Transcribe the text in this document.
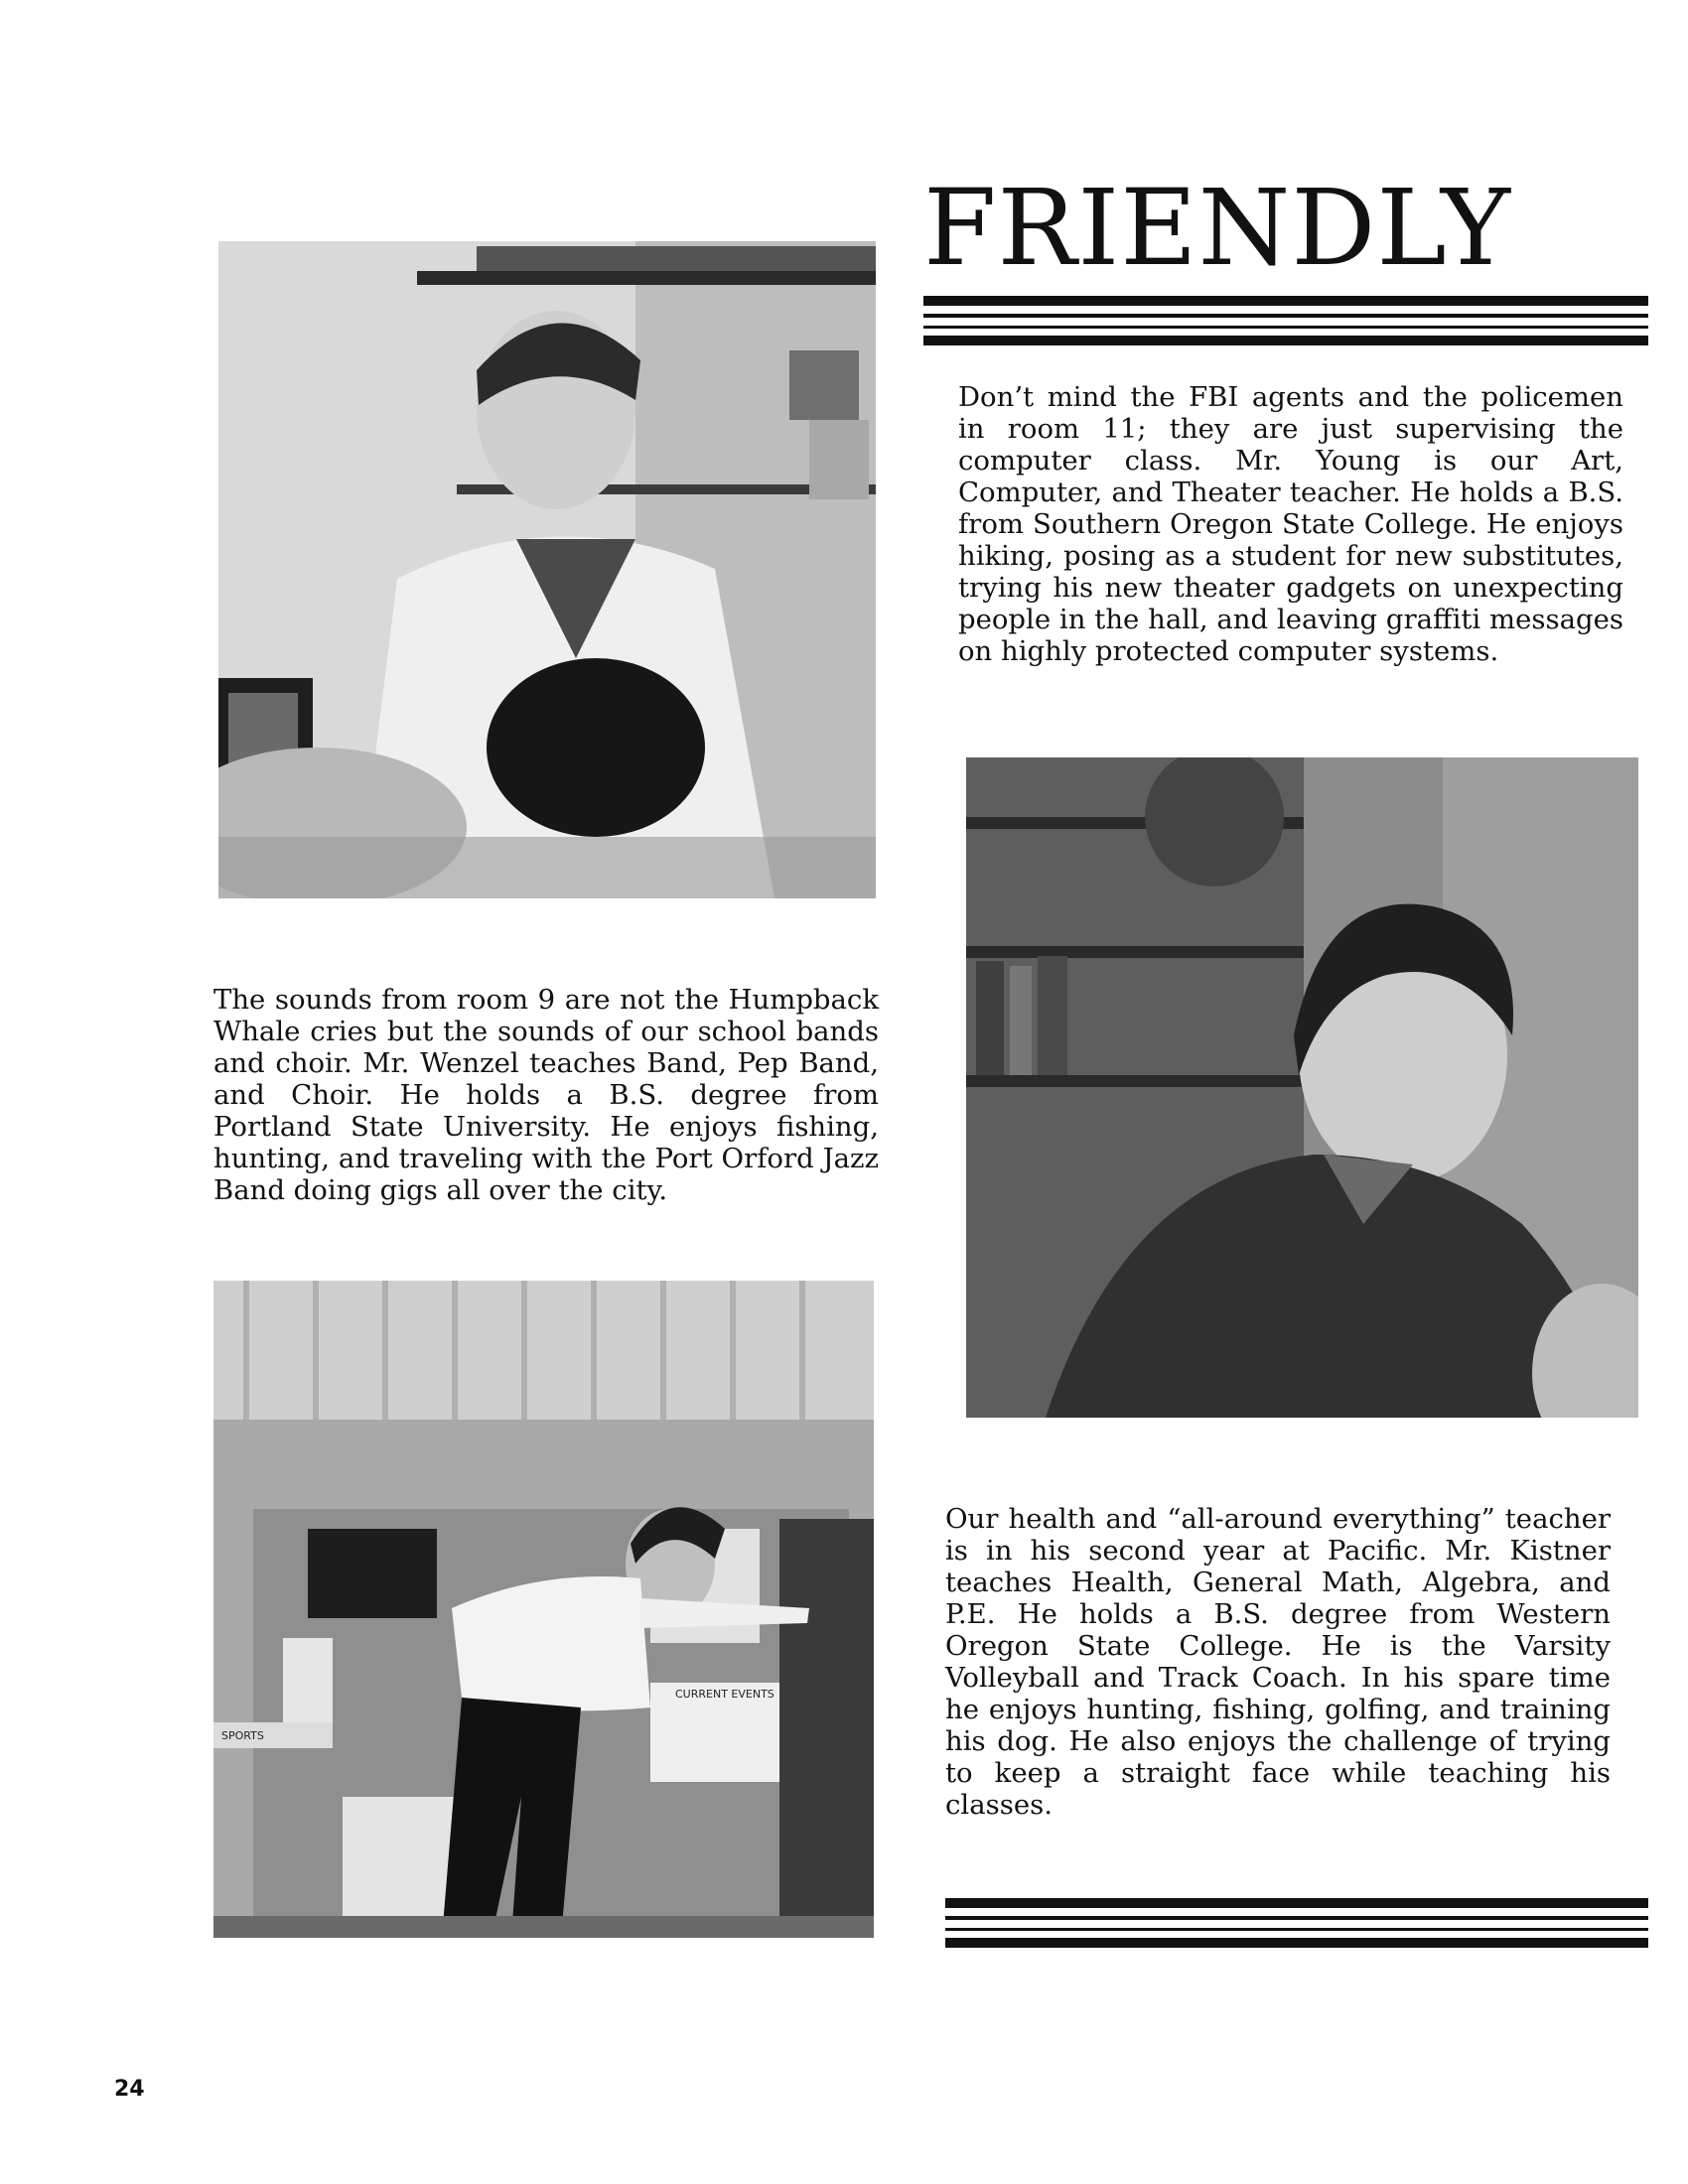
FRIENDLY

Don’t mind the FBI agents and the policemen in room 11; they are just supervising the computer class. Mr. Young is our Art, Computer, and Theater teacher. He holds a B.S. from Southern Oregon State College. He enjoys hiking, posing as a student for new substitutes, trying his new theater gadgets on unexpecting people in the hall, and leaving graffiti messages on highly protected computer systems.

The sounds from room 9 are not the Humpback Whale cries but the sounds of our school bands and choir. Mr. Wenzel teaches Band, Pep Band, and Choir. He holds a B.S. degree from Portland State University. He enjoys fishing, hunting, and traveling with the Port Orford Jazz Band doing gigs all over the city.

CURRENT EVENTS
SPORTS

Our health and “all-around everything” teacher is in his second year at Pacific. Mr. Kistner teaches Health, General Math, Algebra, and P.E. He holds a B.S. degree from Western Oregon State College. He is the Varsity Volleyball and Track Coach. In his spare time he enjoys hunting, fishing, golfing, and training his dog. He also enjoys the challenge of trying to keep a straight face while teaching his classes.

24
